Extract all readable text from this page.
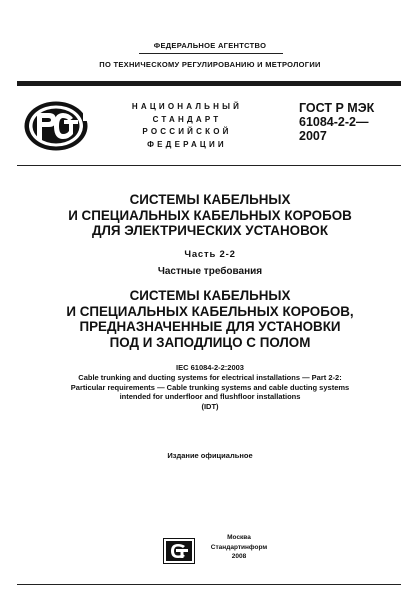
ФЕДЕРАЛЬНОЕ АГЕНТСТВО
ПО ТЕХНИЧЕСКОМУ РЕГУЛИРОВАНИЮ И МЕТРОЛОГИИ
НАЦИОНАЛЬНЫЙ
СТАНДАРТ
РОССИЙСКОЙ
ФЕДЕРАЦИИ
ГОСТ Р МЭК
61084-2-2—
2007
СИСТЕМЫ КАБЕЛЬНЫХ
И СПЕЦИАЛЬНЫХ КАБЕЛЬНЫХ КОРОБОВ
ДЛЯ ЭЛЕКТРИЧЕСКИХ УСТАНОВОК
Часть 2-2
Частные требования
СИСТЕМЫ КАБЕЛЬНЫХ
И СПЕЦИАЛЬНЫХ КАБЕЛЬНЫХ КОРОБОВ,
ПРЕДНАЗНАЧЕННЫЕ ДЛЯ УСТАНОВКИ
ПОД И ЗАПОДЛИЦО С ПОЛОМ
IEC 61084-2-2:2003
Cable trunking and ducting systems for electrical installations — Part 2-2:
Particular requirements — Cable trunking systems and cable ducting systems
intended for underfloor and flushfloor installations
(IDT)
Издание официальное
Москва
Стандартинформ
2008
